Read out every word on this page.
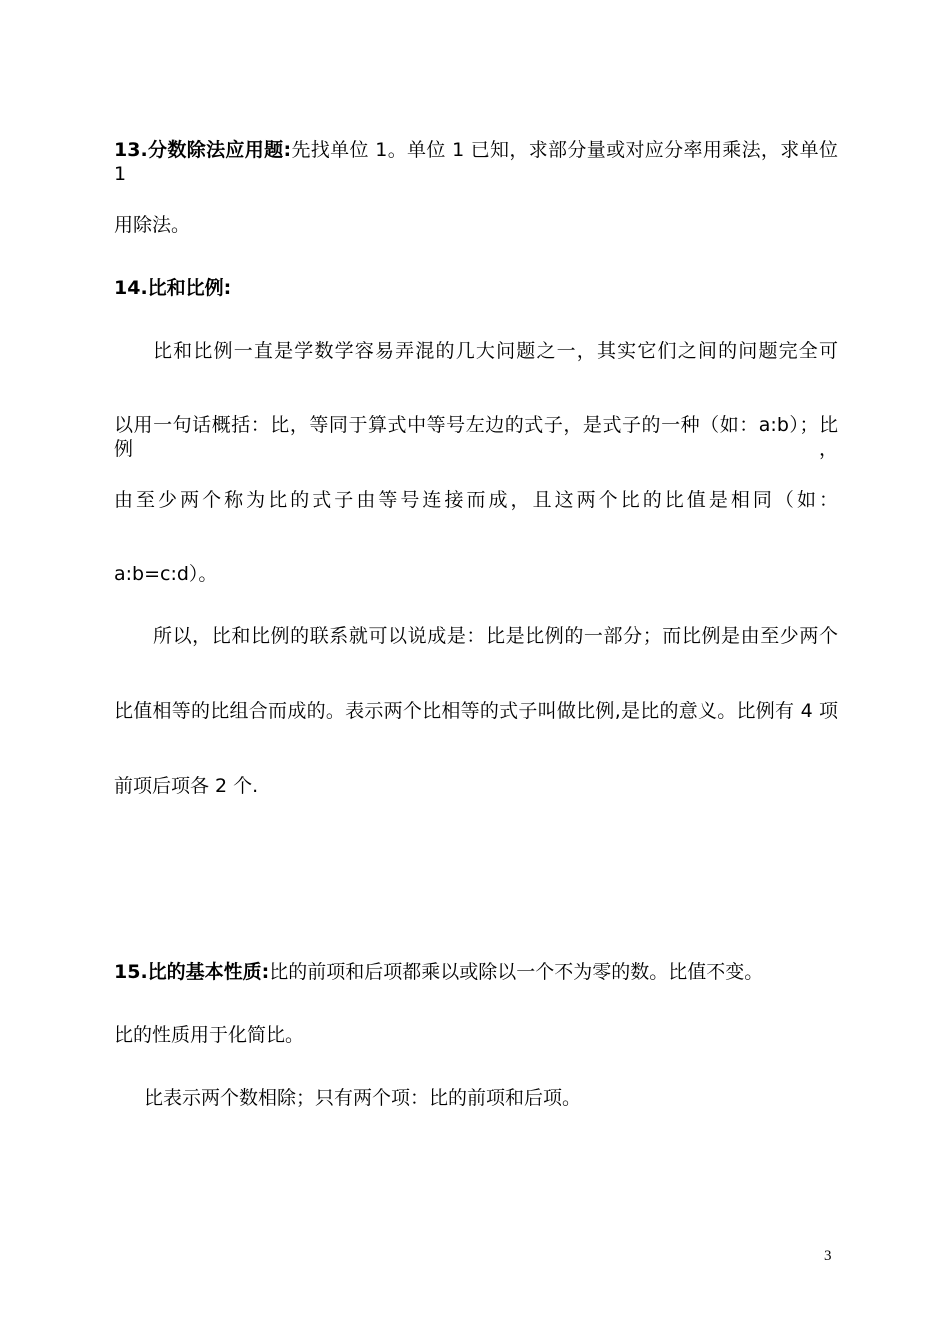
13.分数除法应用题:先找单位 1。单位 1 已知，求部分量或对应分率用乘法，求单位 1
用除法。
14.比和比例:
比和比例一直是学数学容易弄混的几大问题之一，其实它们之间的问题完全可
以用一句话概括：比，等同于算式中等号左边的式子，是式子的一种（如：a:b）；比例，
由至少两个称为比的式子由等号连接而成，且这两个比的比值是相同（如：
a:b=c:d）。
所以，比和比例的联系就可以说成是：比是比例的一部分；而比例是由至少两个
比值相等的比组合而成的。表示两个比相等的式子叫做比例,是比的意义。比例有 4 项
前项后项各 2 个.
15.比的基本性质:比的前项和后项都乘以或除以一个不为零的数。比值不变。
比的性质用于化简比。
比表示两个数相除；只有两个项：比的前项和后项。
3
